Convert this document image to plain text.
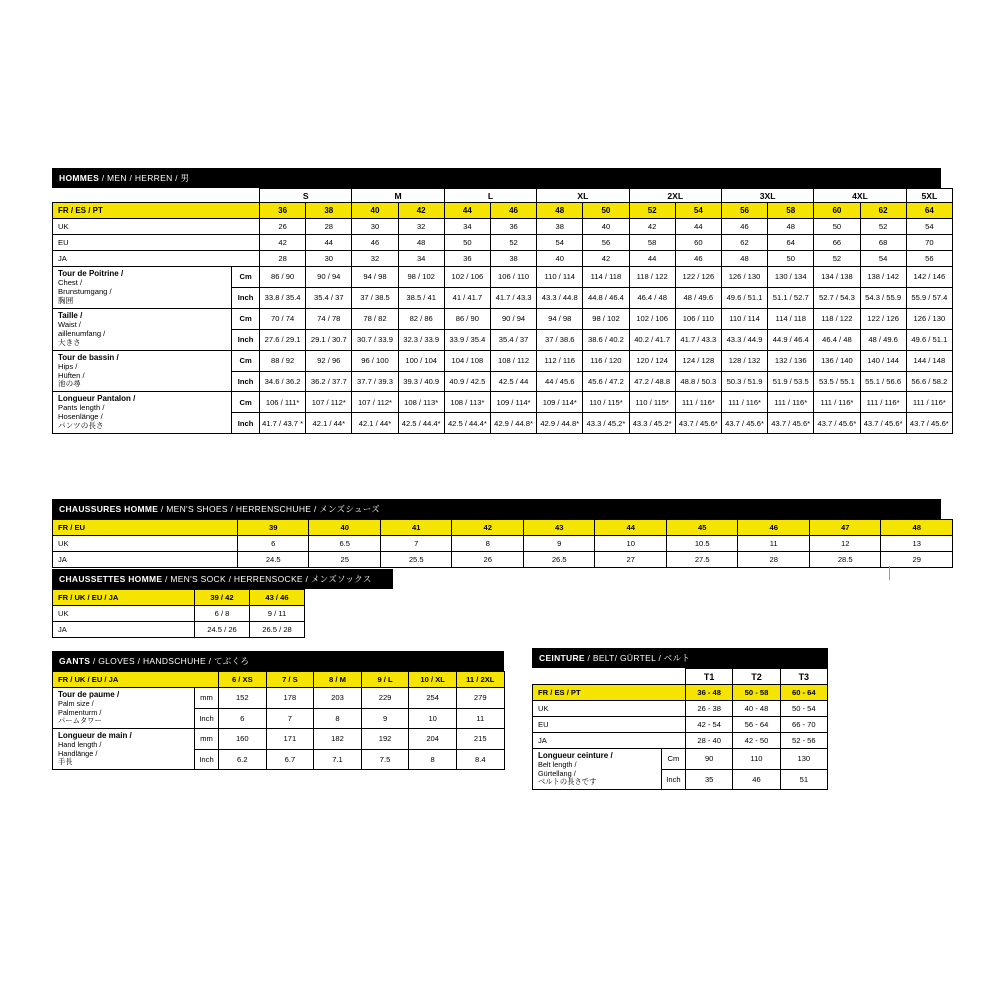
HOMMES / MEN / HERREN / 男
		S		M		L		XL		2XL		3XL		4XL		5XL
FR / ES / PT		36	38	40	42	44	46	48	50	52	54	56	58	60	62	64
UK		26	28	30	32	34	36	38	40	42	44	46	48	50	52	54
EU		42	44	46	48	50	52	54	56	58	60	62	64	66	68	70
JA		28	30	32	34	36	38	40	42	44	46	48	50	52	54	56
Tour de Poitrine /
Chest /
Brunstumgang /
胸囲	Cm	86 / 90	90 / 94	94 / 98	98 / 102	102 / 106	106 / 110	110 / 114	114 / 118	118 / 122	122 / 126	126 / 130	130 / 134	134 / 138	138 / 142	142 / 146
	Inch	33.8 / 35.4	35.4 / 37	37 / 38.5	38.5 / 41	41 / 41.7	41.7 / 43.3	43.3 / 44.8	44.8 / 46.4	46.4 / 48	48 / 49.6	49.6 / 51.1	51.1 / 52.7	52.7 / 54.3	54.3 / 55.9	55.9 / 57.4
Taille /
Waist /
aillenumfang /
大きさ	Cm	70 / 74	74 / 78	78 / 82	82 / 86	86 / 90	90 / 94	94 / 98	98 / 102	102 / 106	106 / 110	110 / 114	114 / 118	118 / 122	122 / 126	126 / 130
	Inch	27.6 / 29.1	29.1 / 30.7	30.7 / 33.9	32.3 / 33.9	33.9 / 35.4	35.4 / 37	37 / 38.6	38.6 / 40.2	40.2 / 41.7	41.7 / 43.3	43.3 / 44.9	44.9 / 46.4	46.4 / 48	48 / 49.6	49.6 / 51.1
Tour de bassin /
Hips /
Hüften /
池の尋	Cm	88 / 92	92 / 96	96 / 100	100 / 104	104 / 108	108 / 112	112 / 116	116 / 120	120 / 124	124 / 128	128 / 132	132 / 136	136 / 140	140 / 144	144 / 148
	Inch	34.6 / 36.2	36.2 / 37.7	37.7 / 39.3	39.3 / 40.9	40.9 / 42.5	42.5 / 44	44 / 45.6	45.6 / 47.2	47.2 / 48.8	48.8 / 50.3	50.3 / 51.9	51.9 / 53.5	53.5 / 55.1	55.1 / 56.6	56.6 / 58.2
Longueur Pantalon /
Pants length /
Hosenlänge /
パンツの長さ	Cm	106 / 111*	107 / 112*	107 / 112*	108 / 113*	108 / 113*	109 / 114*	109 / 114*	110 / 115*	110 / 115*	111 / 116*	111 / 116*	111 / 116*	111 / 116*	111 / 116*	111 / 116*
	Inch	41.7 / 43.7 *	42.1 / 44*	42.1 / 44*	42.5 / 44.4*	42.5 / 44.4*	42.9 / 44.8*	42.9 / 44.8*	43.3 / 45.2*	43.3 / 45.2*	43.7 / 45.6*	43.7 / 45.6*	43.7 / 45.6*	43.7 / 45.6*	43.7 / 45.6*	43.7 / 45.6*
CHAUSSURES HOMME / MEN'S SHOES / HERRENSCHUHE / メンズシューズ
FR / EU	39	40	41	42	43	44	45	46	47	48
UK	6	6.5	7	8	9	10	10.5	11	12	13
JA	24.5	25	25.5	26	26.5	27	27.5	28	28.5	29
CHAUSSETTES HOMME / MEN'S SOCK / HERRENSOCKE / メンズソックス
FR / UK / EU / JA	39 / 42	43 / 46
UK	6 / 8	9 / 11
JA	24.5 / 26	26.5 / 28
GANTS / GLOVES / HANDSCHUHE / てぶくろ
FR / UK / EU / JA		6 / XS	7 / S	8 / M	9 / L	10 / XL	11 / 2XL
Tour de paume /
Palm size /
Palmenturm /
パームタワー	mm	152	178	203	229	254	279
	Inch	6	7	8	9	10	11
Longueur de main /
Hand length /
Handlänge /
手長	mm	160	171	182	192	204	215
	Inch	6.2	6.7	7.1	7.5	8	8.4
CEINTURE / BELT/ GÜRTEL / ベルト
		T1	T2	T3
FR / ES / PT		36 - 48	50 - 58	60 - 64
UK		26 - 38	40 - 48	50 - 54
EU		42 - 54	56 - 64	66 - 70
JA		28 - 40	42 - 50	52 - 56
Longueur ceinture /
Belt length /
Gürtellang /
ベルトの長さです	Cm	90	110	130
	Inch	35	46	51
